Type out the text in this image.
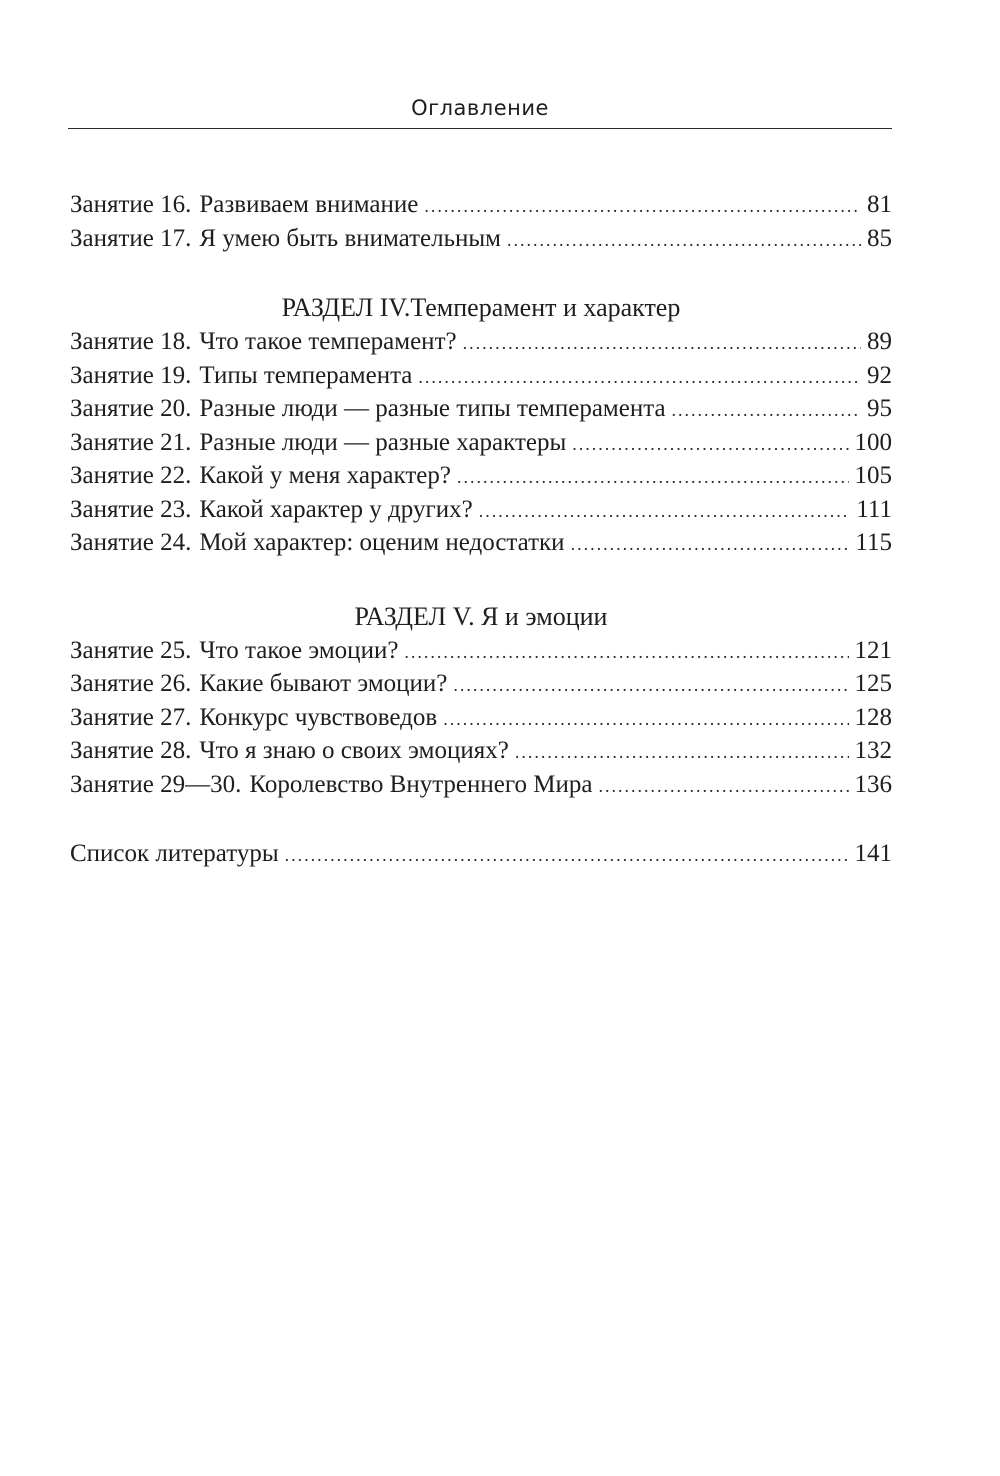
Оглавление
Занятие 16. Развиваем внимание .....	81
Занятие 17. Я умею быть внимательным .....	85
РАЗДЕЛ IV.Темперамент и характер
Занятие 18. Что такое темперамент? .....	89
Занятие 19. Типы темперамента .....	92
Занятие 20. Разные люди — разные типы темперамента .....	95
Занятие 21. Разные люди — разные характеры .....	100
Занятие 22. Какой у меня характер? .....	105
Занятие 23. Какой характер у других? .....	111
Занятие 24. Мой характер: оценим недостатки .....	115
РАЗДЕЛ V. Я и эмоции
Занятие 25. Что такое эмоции? .....	121
Занятие 26. Какие бывают эмоции? .....	125
Занятие 27. Конкурс чувствоведов .....	128
Занятие 28. Что я знаю о своих эмоциях? .....	132
Занятие 29—30. Королевство Внутреннего Мира .....	136
Список литературы .....	141
